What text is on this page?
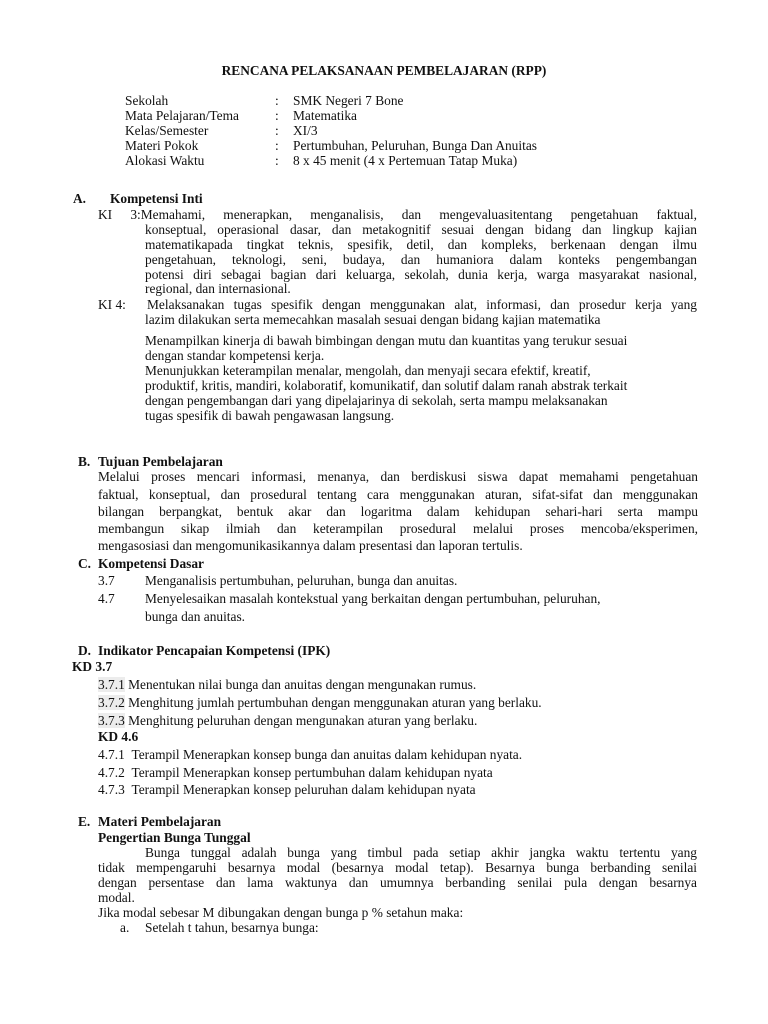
RENCANA PELAKSANAAN PEMBELAJARAN (RPP)
Sekolah	: SMK Negeri 7 Bone
Mata Pelajaran/Tema	: Matematika
Kelas/Semester	: XI/3
Materi Pokok	: Pertumbuhan, Peluruhan, Bunga Dan Anuitas
Alokasi Waktu	: 8 x 45 menit (4 x Pertemuan Tatap Muka)
A. Kompetensi Inti
KI 3:Memahami, menerapkan, menganalisis, dan mengevaluasitentang pengetahuan faktual,
konseptual, operasional dasar, dan metakognitif sesuai dengan bidang dan lingkup kajian
matematikapada tingkat teknis, spesifik, detil, dan kompleks, berkenaan dengan ilmu
pengetahuan, teknologi, seni, budaya, dan humaniora dalam konteks pengembangan
potensi diri sebagai bagian dari keluarga, sekolah, dunia kerja, warga masyarakat nasional,
regional, dan internasional.
KI 4: Melaksanakan tugas spesifik dengan menggunakan alat, informasi, dan prosedur kerja yang
lazim dilakukan serta memecahkan masalah sesuai dengan bidang kajian matematika
Menampilkan kinerja di bawah bimbingan dengan mutu dan kuantitas yang terukur sesuai
dengan standar kompetensi kerja.
Menunjukkan keterampilan menalar, mengolah, dan menyaji secara efektif, kreatif,
produktif, kritis, mandiri, kolaboratif, komunikatif, dan solutif dalam ranah abstrak terkait
dengan pengembangan dari yang dipelajarinya di sekolah, serta mampu melaksanakan
tugas spesifik di bawah pengawasan langsung.
B. Tujuan Pembelajaran
Melalui proses mencari informasi, menanya, dan berdiskusi siswa dapat memahami pengetahuan
faktual, konseptual, dan prosedural tentang cara menggunakan aturan, sifat-sifat dan menggunakan
bilangan berpangkat, bentuk akar dan logaritma dalam kehidupan sehari-hari serta mampu
membangun sikap ilmiah dan keterampilan prosedural melalui proses mencoba/eksperimen,
mengasosiasi dan mengomunikasikannya dalam presentasi dan laporan tertulis.
C. Kompetensi Dasar
3.7 Menganalisis pertumbuhan, peluruhan, bunga dan anuitas.
4.7 Menyelesaikan masalah kontekstual yang berkaitan dengan pertumbuhan, peluruhan,
bunga dan anuitas.
D. Indikator Pencapaian Kompetensi (IPK)
KD 3.7
3.7.1 Menentukan nilai bunga dan anuitas dengan mengunakan rumus.
3.7.2 Menghitung jumlah pertumbuhan dengan menggunakan aturan yang berlaku.
3.7.3 Menghitung peluruhan dengan mengunakan aturan yang berlaku.
KD 4.6
4.7.1 Terampil Menerapkan konsep bunga dan anuitas dalam kehidupan nyata.
4.7.2 Terampil Menerapkan konsep pertumbuhan dalam kehidupan nyata
4.7.3 Terampil Menerapkan konsep peluruhan dalam kehidupan nyata
E. Materi Pembelajaran
Pengertian Bunga Tunggal
Bunga tunggal adalah bunga yang timbul pada setiap akhir jangka waktu tertentu yang
tidak mempengaruhi besarnya modal (besarnya modal tetap). Besarnya bunga berbanding senilai
dengan persentase dan lama waktunya dan umumnya berbanding senilai pula dengan besarnya
modal.
Jika modal sebesar M dibungakan dengan bunga p % setahun maka:
a. Setelah t tahun, besarnya bunga:
